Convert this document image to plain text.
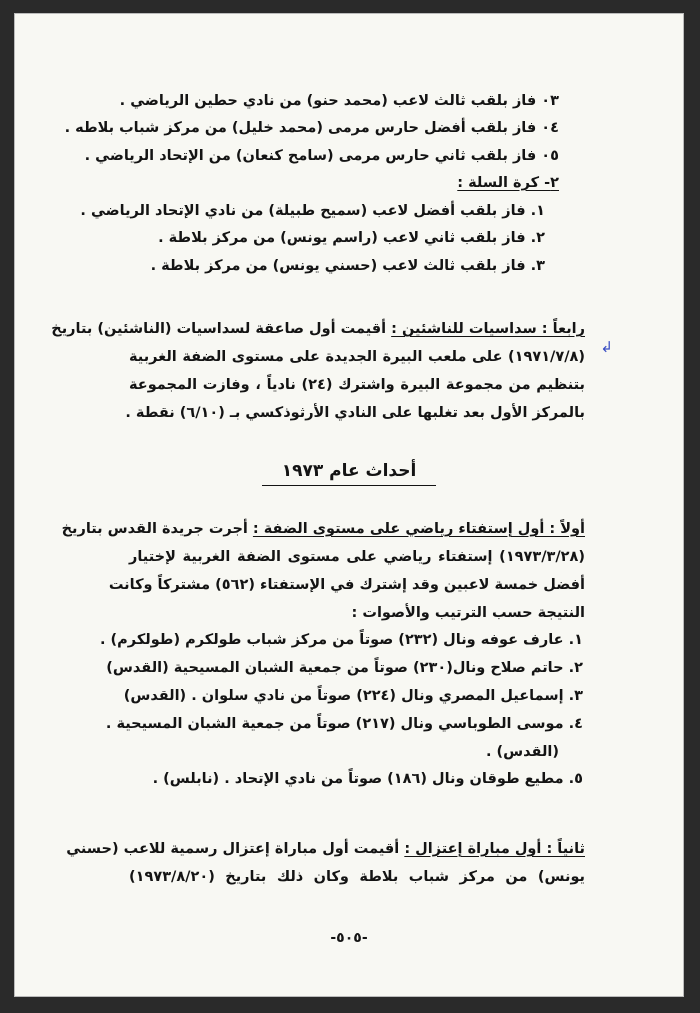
٠٣ فاز بلقب ثالث لاعب (محمد حنو) من نادي حطين الرياضي .
٠٤ فاز بلقب أفضل حارس مرمى (محمد خليل) من مركز شباب بلاطه .
٠٥ فاز بلقب ثاني حارس مرمى (سامح كنعان) من الإتحاد الرياضي .
٢- كرة السلة :
١. فاز بلقب أفضل لاعب (سميح طبيلة) من نادي الإتحاد الرياضي .
٢. فاز بلقب ثاني لاعب (راسم يونس) من مركز بلاطة .
٣. فاز بلقب ثالث لاعب (حسني يونس) من مركز بلاطة .
رابعاً : سداسيات للناشئين : أقيمت أول صاعقة لسداسيات (الناشئين) بتاريخ
(١٩٧١/٧/٨) على ملعب البيرة الجديدة على مستوى الضفة الغربية
بتنظيم من مجموعة البيرة واشترك (٢٤) نادياً ، وفازت المجموعة
بالمركز الأول بعد تغلبها على النادي الأرثوذكسي بـ (٦/١٠) نقطة .
أحداث عام ١٩٧٣
أولاً : أول إستفتاء رياضي على مستوى الضفة : أجرت جريدة القدس بتاريخ
(١٩٧٣/٣/٢٨) إستفتاء رياضي على مستوى الضفة الغربية لإختيار
أفضل خمسة لاعبين وقد إشترك في الإستفتاء (٥٦٢) مشتركاً وكانت
النتيجة حسب الترتيب والأصوات :
١. عارف عوفه ونال (٢٣٢) صوتاً من مركز شباب طولكرم (طولكرم) .
٢. حاتم صلاح ونال(٢٣٠) صوتاً من جمعية الشبان المسيحية (القدس)
٣. إسماعيل المصري ونال (٢٢٤) صوتاً من نادي سلوان . (القدس)
٤. موسى الطوباسي ونال (٢١٧) صوتاً من جمعية الشبان المسيحية .
(القدس) .
٥. مطيع طوقان ونال (١٨٦) صوتاً من نادي الإتحاد . (نابلس) .
ثانياً : أول مباراة إعتزال : أقيمت أول مباراة إعتزال رسمية للاعب (حسني
يونس) من مركز شباب بلاطة وكان ذلك بتاريخ (١٩٧٣/٨/٢٠)
-٥٠٥-
↲
